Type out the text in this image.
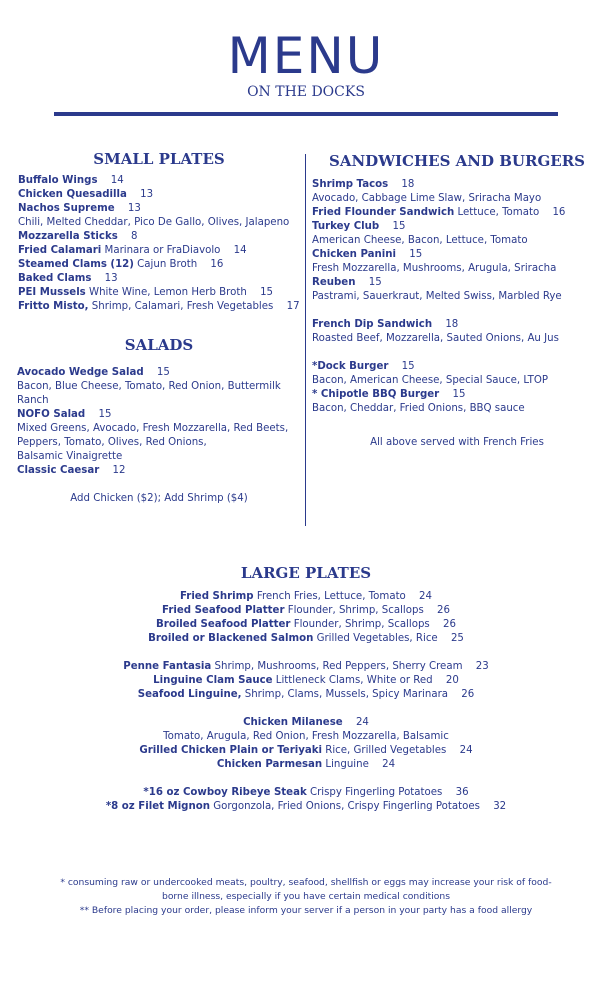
MENU
ON THE DOCKS
SMALL PLATES
Buffalo Wings 14
Chicken Quesadilla 13
Nachos Supreme 13
Chili, Melted Cheddar, Pico De Gallo, Olives, Jalapeno
Mozzarella Sticks 8
Fried Calamari Marinara or FraDiavolo 14
Steamed Clams (12) Cajun Broth 16
Baked Clams 13
PEI Mussels White Wine, Lemon Herb Broth 15
Fritto Misto, Shrimp, Calamari, Fresh Vegetables 17
SALADS
Avocado Wedge Salad 15
Bacon, Blue Cheese, Tomato, Red Onion, Buttermilk
Ranch
NOFO Salad 15
Mixed Greens, Avocado, Fresh Mozzarella, Red Beets,
Peppers, Tomato, Olives, Red Onions,
Balsamic Vinaigrette
Classic Caesar 12
Add Chicken ($2); Add Shrimp ($4)
SANDWICHES AND BURGERS
Shrimp Tacos 18
Avocado, Cabbage Lime Slaw, Sriracha Mayo
Fried Flounder Sandwich Lettuce, Tomato 16
Turkey Club 15
American Cheese, Bacon, Lettuce, Tomato
Chicken Panini 15
Fresh Mozzarella, Mushrooms, Arugula, Sriracha
Reuben 15
Pastrami, Sauerkraut, Melted Swiss, Marbled Rye

French Dip Sandwich 18
Roasted Beef, Mozzarella, Sauted Onions, Au Jus

*Dock Burger 15
Bacon, American Cheese, Special Sauce, LTOP
* Chipotle BBQ Burger 15
Bacon, Cheddar, Fried Onions, BBQ sauce
All above served with French Fries
LARGE PLATES
Fried Shrimp French Fries, Lettuce, Tomato 24
Fried Seafood Platter Flounder, Shrimp, Scallops 26
Broiled Seafood Platter Flounder, Shrimp, Scallops 26
Broiled or Blackened Salmon Grilled Vegetables, Rice 25

Penne Fantasia Shrimp, Mushrooms, Red Peppers, Sherry Cream 23
Linguine Clam Sauce Littleneck Clams, White or Red 20
Seafood Linguine, Shrimp, Clams, Mussels, Spicy Marinara 26

Chicken Milanese 24
Tomato, Arugula, Red Onion, Fresh Mozzarella, Balsamic
Grilled Chicken Plain or Teriyaki Rice, Grilled Vegetables 24
Chicken Parmesan Linguine 24

*16 oz Cowboy Ribeye Steak Crispy Fingerling Potatoes 36
*8 oz Filet Mignon Gorgonzola, Fried Onions, Crispy Fingerling Potatoes 32
* consuming raw or undercooked meats, poultry, seafood, shellfish or eggs may increase your risk of food-
borne illness, especially if you have certain medical conditions
** Before placing your order, please inform your server if a person in your party has a food allergy
